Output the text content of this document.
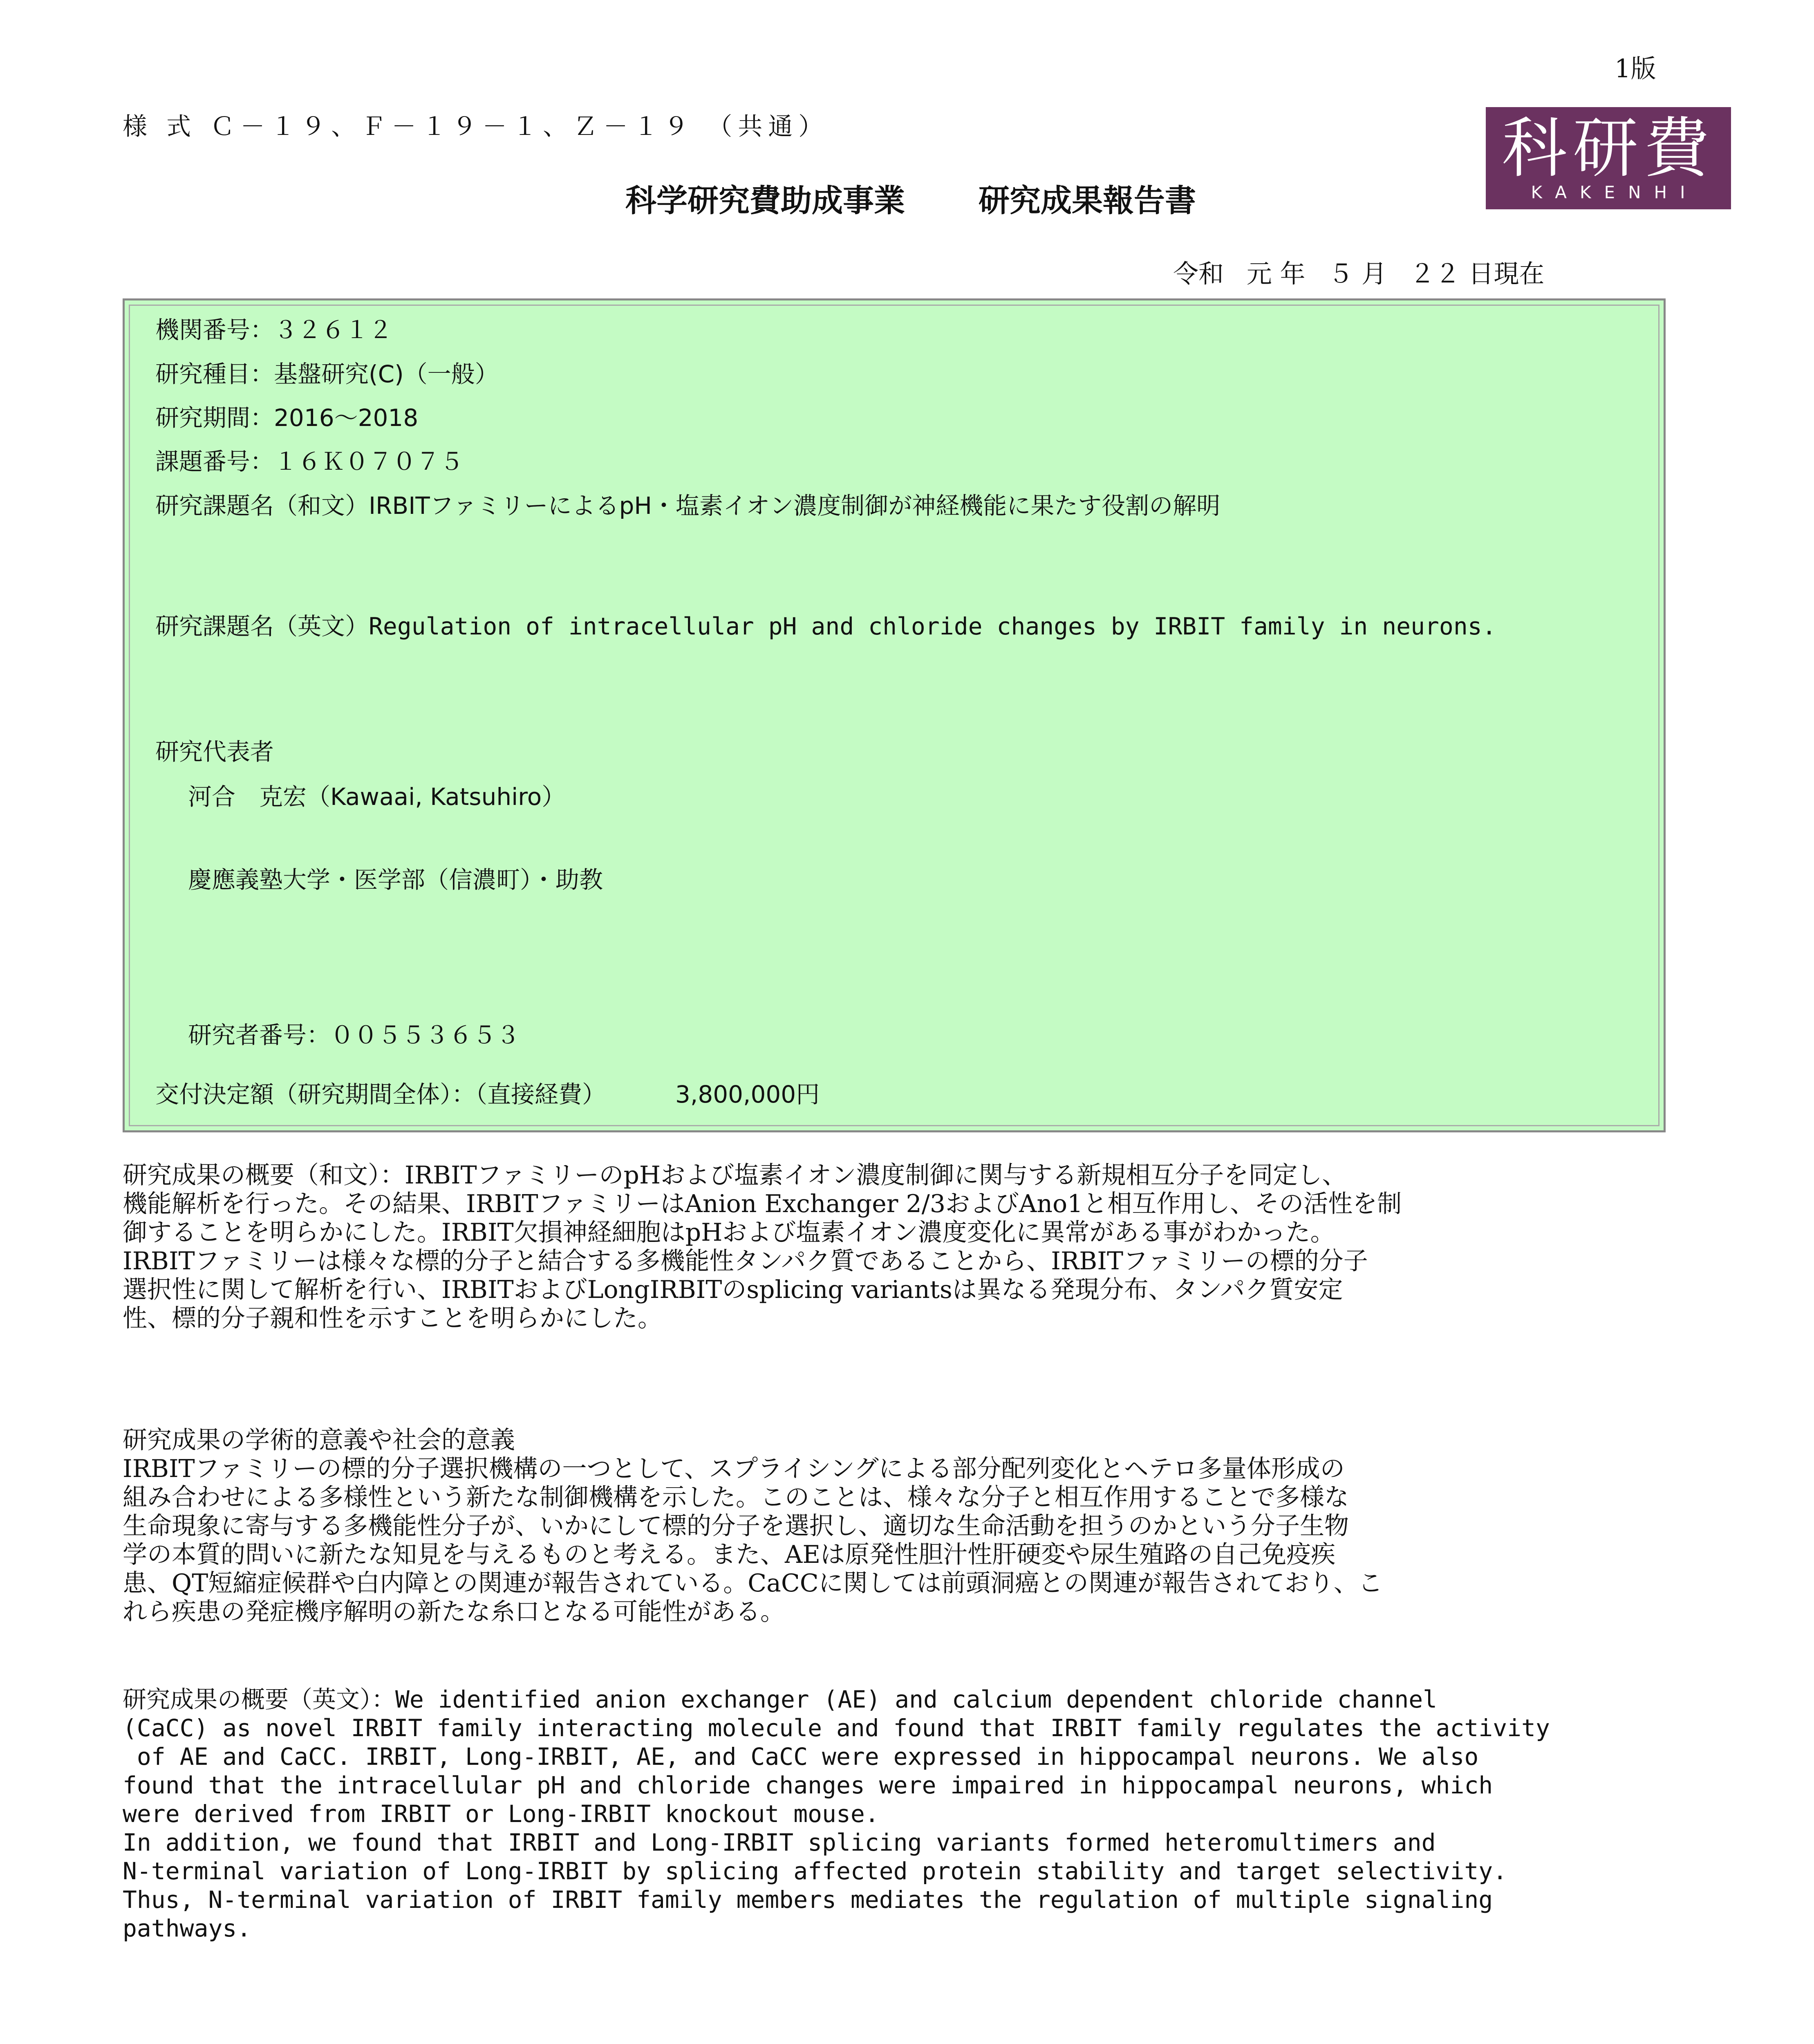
1版
様 式 Ｃ－１９、Ｆ－１９－１、Ｚ－１９ （共通）
科学研究費助成事業 研究成果報告書
科研費
KAKENHI
令和 元 年 ５ 月 ２２ 日現在
機関番号：３２６１２
研究種目：基盤研究(C)（一般）
研究期間：2016～2018
課題番号：１６Ｋ０７０７５
研究課題名（和文）IRBITファミリーによるpH・塩素イオン濃度制御が神経機能に果たす役割の解明
研究課題名（英文）Regulation of intracellular pH and chloride changes by IRBIT family in neurons.
研究代表者
河合　克宏（Kawaai, Katsuhiro）
慶應義塾大学・医学部（信濃町）・助教
研究者番号：００５５３６５３
交付決定額（研究期間全体）：（直接経費）	3,800,000円
研究成果の概要（和文）：IRBITファミリーのpHおよび塩素イオン濃度制御に関与する新規相互分子を同定し、
機能解析を行った。その結果、IRBITファミリーはAnion Exchanger 2/3およびAno1と相互作用し、その活性を制
御することを明らかにした。IRBIT欠損神経細胞はpHおよび塩素イオン濃度変化に異常がある事がわかった。
IRBITファミリーは様々な標的分子と結合する多機能性タンパク質であることから、IRBITファミリーの標的分子
選択性に関して解析を行い、IRBITおよびLongIRBITのsplicing variantsは異なる発現分布、タンパク質安定
性、標的分子親和性を示すことを明らかにした。
研究成果の学術的意義や社会的意義
IRBITファミリーの標的分子選択機構の一つとして、スプライシングによる部分配列変化とヘテロ多量体形成の
組み合わせによる多様性という新たな制御機構を示した。このことは、様々な分子と相互作用することで多様な
生命現象に寄与する多機能性分子が、いかにして標的分子を選択し、適切な生命活動を担うのかという分子生物
学の本質的問いに新たな知見を与えるものと考える。また、AEは原発性胆汁性肝硬変や尿生殖路の自己免疫疾
患、QT短縮症候群や白内障との関連が報告されている。CaCCに関しては前頭洞癌との関連が報告されており、こ
れら疾患の発症機序解明の新たな糸口となる可能性がある。
研究成果の概要（英文）：We identified anion exchanger (AE) and calcium dependent chloride channel
(CaCC) as novel IRBIT family interacting molecule and found that IRBIT family regulates the activity
of AE and CaCC. IRBIT, Long-IRBIT, AE, and CaCC were expressed in hippocampal neurons. We also
found that the intracellular pH and chloride changes were impaired in hippocampal neurons, which
were derived from IRBIT or Long-IRBIT knockout mouse.
In addition, we found that IRBIT and Long-IRBIT splicing variants formed heteromultimers and
N-terminal variation of Long-IRBIT by splicing affected protein stability and target selectivity.
Thus, N-terminal variation of IRBIT family members mediates the regulation of multiple signaling
pathways.
